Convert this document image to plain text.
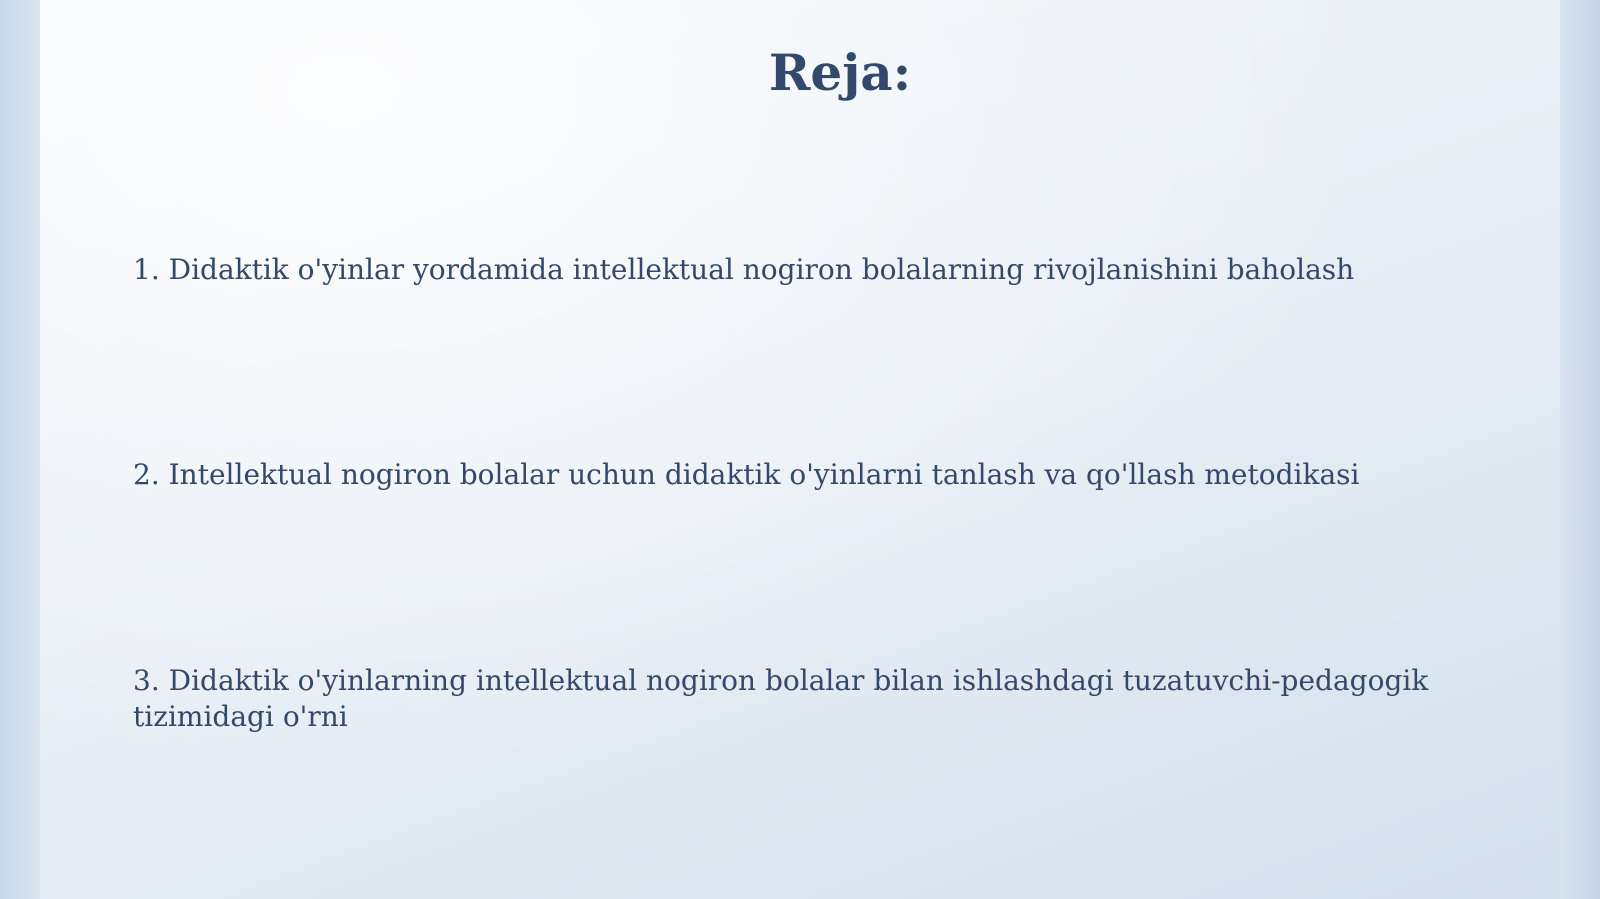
Reja:

1. Didaktik o'yinlar yordamida intellektual nogiron bolalarning rivojlanishini baholash

2. Intellektual nogiron bolalar uchun didaktik o'yinlarni tanlash va qo'llash metodikasi

3. Didaktik o'yinlarning intellektual nogiron bolalar bilan ishlashdagi tuzatuvchi-pedagogik tizimidagi o'rni
